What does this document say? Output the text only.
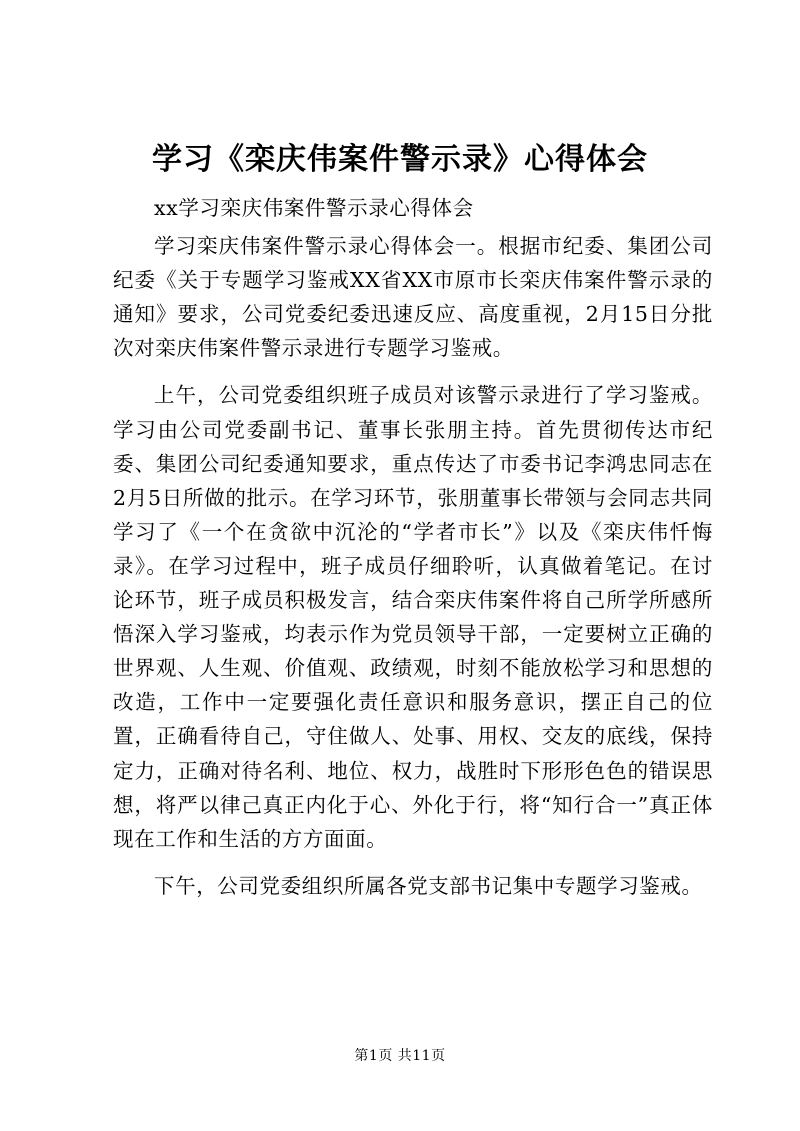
学习《栾庆伟案件警示录》心得体会

xx学习栾庆伟案件警示录心得体会

学习栾庆伟案件警示录心得体会一。根据市纪委、集团公司纪委《关于专题学习鉴戒XX省XX市原市长栾庆伟案件警示录的通知》要求，公司党委纪委迅速反应、高度重视，2月15日分批次对栾庆伟案件警示录进行专题学习鉴戒。

上午，公司党委组织班子成员对该警示录进行了学习鉴戒。学习由公司党委副书记、董事长张朋主持。首先贯彻传达市纪委、集团公司纪委通知要求，重点传达了市委书记李鸿忠同志在2月5日所做的批示。在学习环节，张朋董事长带领与会同志共同学习了《一个在贪欲中沉沦的“学者市长”》以及《栾庆伟忏悔录》。在学习过程中，班子成员仔细聆听，认真做着笔记。在讨论环节，班子成员积极发言，结合栾庆伟案件将自己所学所感所悟深入学习鉴戒，均表示作为党员领导干部，一定要树立正确的世界观、人生观、价值观、政绩观，时刻不能放松学习和思想的改造，工作中一定要强化责任意识和服务意识，摆正自己的位置，正确看待自己，守住做人、处事、用权、交友的底线，保持定力，正确对待名利、地位、权力，战胜时下形形色色的错误思想，将严以律己真正内化于心、外化于行，将“知行合一”真正体现在工作和生活的方方面面。

下午，公司党委组织所属各党支部书记集中专题学习鉴戒。

第1页 共11页
